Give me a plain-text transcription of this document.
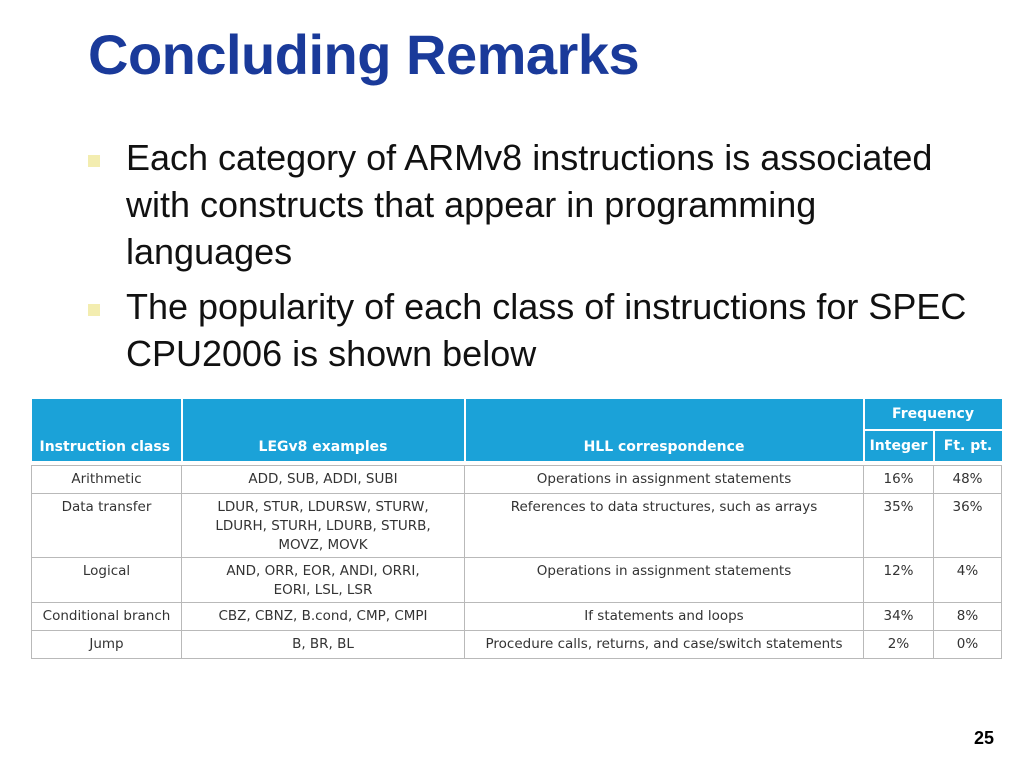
Concluding Remarks
Each category of ARMv8 instructions is associated with constructs that appear in programming languages
The popularity of each class of instructions for SPEC CPU2006 is shown below
Instruction class	LEGv8 examples	HLL correspondence	Frequency	
			Integer	Ft. pt.

Arithmetic	ADD, SUB, ADDI, SUBI	Operations in assignment statements	16%	48%
Data transfer	LDUR, STUR, LDURSW, STURW, LDURH, STURH, LDURB, STURB, MOVZ, MOVK	References to data structures, such as arrays	35%	36%
Logical	AND, ORR, EOR, ANDI, ORRI, EORI, LSL, LSR	Operations in assignment statements	12%	4%
Conditional branch	CBZ, CBNZ, B.cond, CMP, CMPI	If statements and loops	34%	8%
Jump	B, BR, BL	Procedure calls, returns, and case/switch statements	2%	0%
25
